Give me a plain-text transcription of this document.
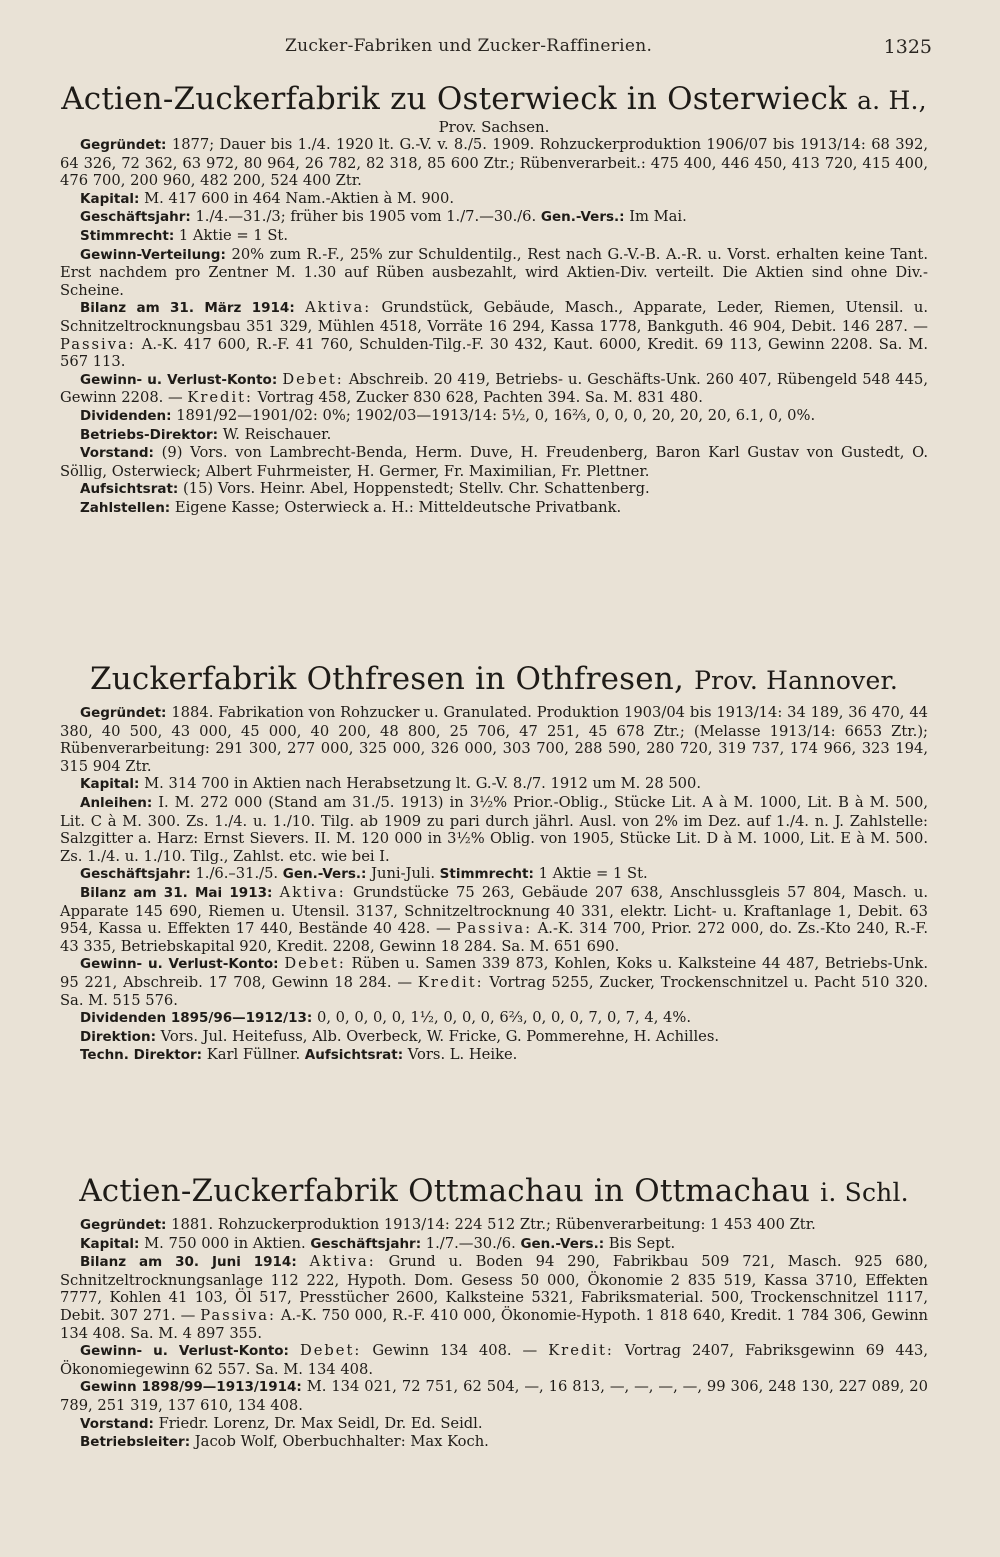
Zucker-Fabriken und Zucker-Raffinerien.	1325
Actien-Zuckerfabrik zu Osterwieck in Osterwieck a. H.,
Prov. Sachsen.

Gegründet: 1877; Dauer bis 1./4. 1920 lt. G.-V. v. 8./5. 1909. Rohzuckerproduktion 1906/07 bis 1913/14: 68 392, 64 326, 72 362, 63 972, 80 964, 26 782, 82 318, 85 600 Ztr.; Rübenverarbeit.: 475 400, 446 450, 413 720, 415 400, 476 700, 200 960, 482 200, 524 400 Ztr.

Kapital: M. 417 600 in 464 Nam.-Aktien à M. 900.

Geschäftsjahr: 1./4.—31./3; früher bis 1905 vom 1./7.—30./6. Gen.-Vers.: Im Mai.

Stimmrecht: 1 Aktie = 1 St.

Gewinn-Verteilung: 20% zum R.-F., 25% zur Schuldentilg., Rest nach G.-V.-B. A.-R. u. Vorst. erhalten keine Tant. Erst nachdem pro Zentner M. 1.30 auf Rüben ausbezahlt, wird Aktien-Div. verteilt. Die Aktien sind ohne Div.-Scheine.

Bilanz am 31. März 1914: Aktiva: Grundstück, Gebäude, Masch., Apparate, Leder, Riemen, Utensil. u. Schnitzeltrocknungsbau 351 329, Mühlen 4518, Vorräte 16 294, Kassa 1778, Bankguth. 46 904, Debit. 146 287. — Passiva: A.-K. 417 600, R.-F. 41 760, Schulden-Tilg.-F. 30 432, Kaut. 6000, Kredit. 69 113, Gewinn 2208. Sa. M. 567 113.

Gewinn- u. Verlust-Konto: Debet: Abschreib. 20 419, Betriebs- u. Geschäfts-Unk. 260 407, Rübengeld 548 445, Gewinn 2208. — Kredit: Vortrag 458, Zucker 830 628, Pachten 394. Sa. M. 831 480.

Dividenden: 1891/92—1901/02: 0%; 1902/03—1913/14: 5½, 0, 16⅔, 0, 0, 0, 20, 20, 20, 6.1, 0, 0%.

Betriebs-Direktor: W. Reischauer.

Vorstand: (9) Vors. von Lambrecht-Benda, Herm. Duve, H. Freudenberg, Baron Karl Gustav von Gustedt, O. Söllig, Osterwieck; Albert Fuhrmeister, H. Germer, Fr. Maximilian, Fr. Plettner.

Aufsichtsrat: (15) Vors. Heinr. Abel, Hoppenstedt; Stellv. Chr. Schattenberg.

Zahlstellen: Eigene Kasse; Osterwieck a. H.: Mitteldeutsche Privatbank.

Zuckerfabrik Othfresen in Othfresen, Prov. Hannover.

Gegründet: 1884. Fabrikation von Rohzucker u. Granulated. Produktion 1903/04 bis 1913/14: 34 189, 36 470, 44 380, 40 500, 43 000, 45 000, 40 200, 48 800, 25 706, 47 251, 45 678 Ztr.; (Melasse 1913/14: 6653 Ztr.); Rübenverarbeitung: 291 300, 277 000, 325 000, 326 000, 303 700, 288 590, 280 720, 319 737, 174 966, 323 194, 315 904 Ztr.

Kapital: M. 314 700 in Aktien nach Herabsetzung lt. G.-V. 8./7. 1912 um M. 28 500.

Anleihen: I. M. 272 000 (Stand am 31./5. 1913) in 3½% Prior.-Oblig., Stücke Lit. A à M. 1000, Lit. B à M. 500, Lit. C à M. 300. Zs. 1./4. u. 1./10. Tilg. ab 1909 zu pari durch jährl. Ausl. von 2% im Dez. auf 1./4. n. J. Zahlstelle: Salzgitter a. Harz: Ernst Sievers. II. M. 120 000 in 3½% Oblig. von 1905, Stücke Lit. D à M. 1000, Lit. E à M. 500. Zs. 1./4. u. 1./10. Tilg., Zahlst. etc. wie bei I.

Geschäftsjahr: 1./6.–31./5. Gen.-Vers.: Juni-Juli. Stimmrecht: 1 Aktie = 1 St.

Bilanz am 31. Mai 1913: Aktiva: Grundstücke 75 263, Gebäude 207 638, Anschlussgleis 57 804, Masch. u. Apparate 145 690, Riemen u. Utensil. 3137, Schnitzeltrocknung 40 331, elektr. Licht- u. Kraftanlage 1, Debit. 63 954, Kassa u. Effekten 17 440, Bestände 40 428. — Passiva: A.-K. 314 700, Prior. 272 000, do. Zs.-Kto 240, R.-F. 43 335, Betriebskapital 920, Kredit. 2208, Gewinn 18 284. Sa. M. 651 690.

Gewinn- u. Verlust-Konto: Debet: Rüben u. Samen 339 873, Kohlen, Koks u. Kalksteine 44 487, Betriebs-Unk. 95 221, Abschreib. 17 708, Gewinn 18 284. — Kredit: Vortrag 5255, Zucker, Trockenschnitzel u. Pacht 510 320. Sa. M. 515 576.

Dividenden 1895/96—1912/13: 0, 0, 0, 0, 0, 1½, 0, 0, 0, 6⅔, 0, 0, 0, 7, 0, 7, 4, 4%.

Direktion: Vors. Jul. Heitefuss, Alb. Overbeck, W. Fricke, G. Pommerehne, H. Achilles.

Techn. Direktor: Karl Füllner. Aufsichtsrat: Vors. L. Heike.

Actien-Zuckerfabrik Ottmachau in Ottmachau i. Schl.

Gegründet: 1881. Rohzuckerproduktion 1913/14: 224 512 Ztr.; Rübenverarbeitung: 1 453 400 Ztr.

Kapital: M. 750 000 in Aktien. Geschäftsjahr: 1./7.—30./6. Gen.-Vers.: Bis Sept.

Bilanz am 30. Juni 1914: Aktiva: Grund u. Boden 94 290, Fabrikbau 509 721, Masch. 925 680, Schnitzeltrocknungsanlage 112 222, Hypoth. Dom. Gesess 50 000, Ökonomie 2 835 519, Kassa 3710, Effekten 7777, Kohlen 41 103, Öl 517, Presstücher 2600, Kalksteine 5321, Fabriksmaterial. 500, Trockenschnitzel 1117, Debit. 307 271. — Passiva: A.-K. 750 000, R.-F. 410 000, Ökonomie-Hypoth. 1 818 640, Kredit. 1 784 306, Gewinn 134 408. Sa. M. 4 897 355.

Gewinn- u. Verlust-Konto: Debet: Gewinn 134 408. — Kredit: Vortrag 2407, Fabriksgewinn 69 443, Ökonomiegewinn 62 557. Sa. M. 134 408.

Gewinn 1898/99—1913/1914: M. 134 021, 72 751, 62 504, —, 16 813, —, —, —, —, 99 306, 248 130, 227 089, 20 789, 251 319, 137 610, 134 408.

Vorstand: Friedr. Lorenz, Dr. Max Seidl, Dr. Ed. Seidl.

Betriebsleiter: Jacob Wolf, Oberbuchhalter: Max Koch.
